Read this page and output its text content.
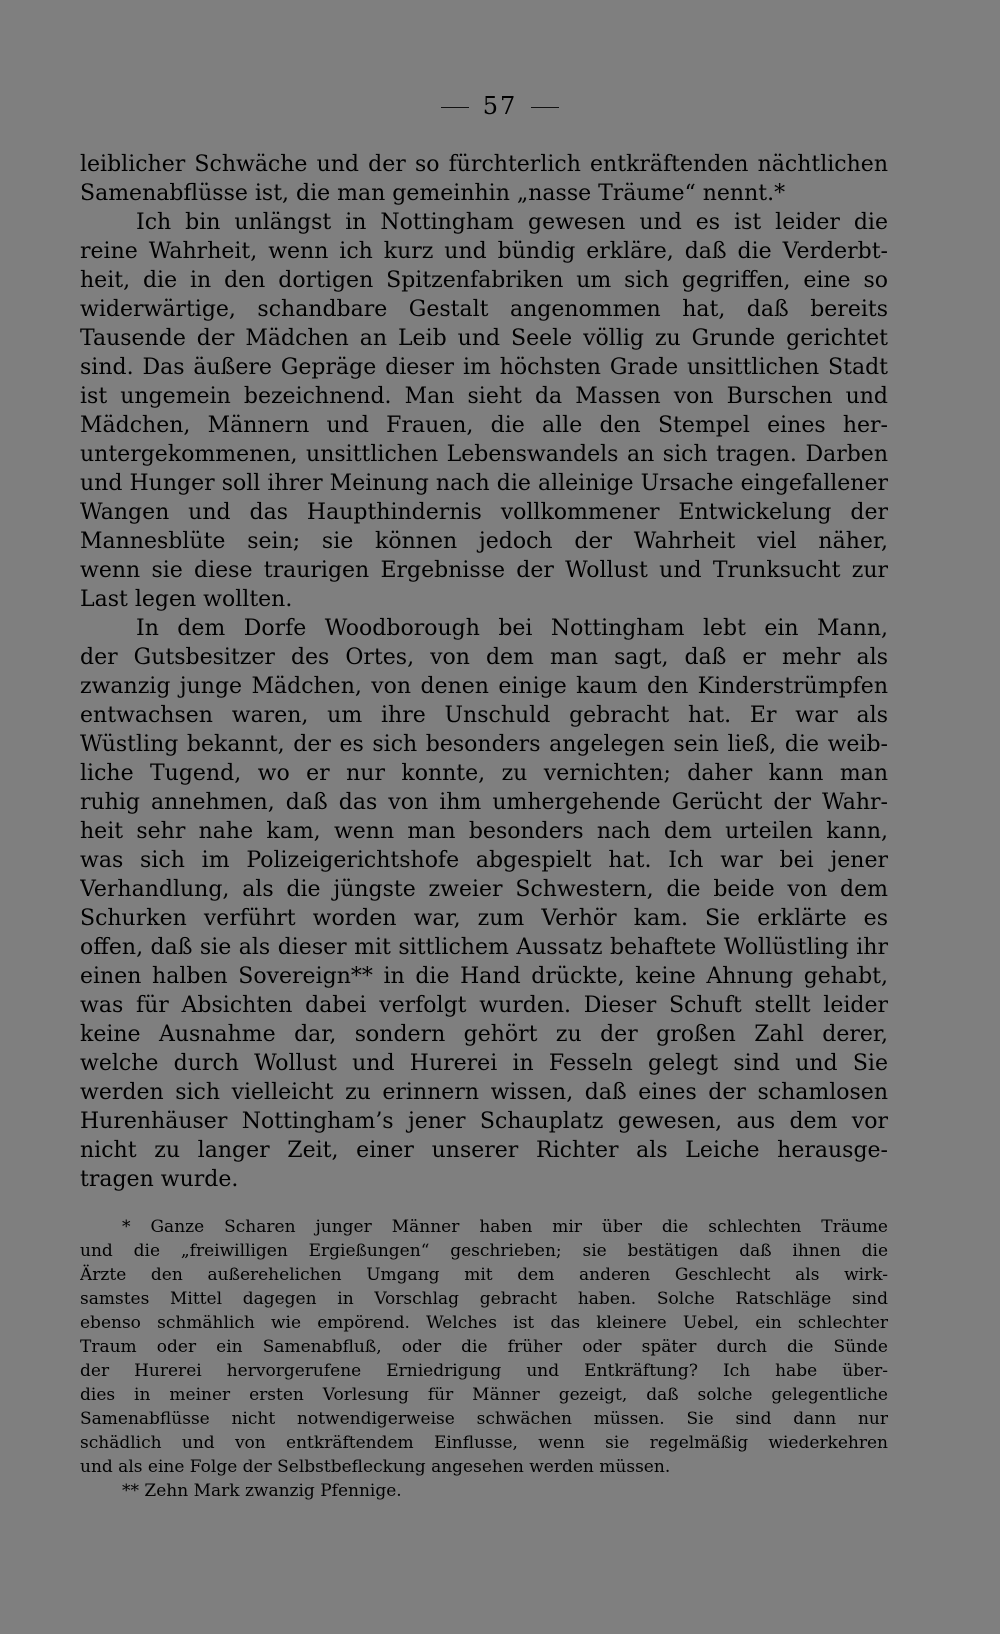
57
leiblicher Schwäche und der so fürchterlich entkräftenden nächtlichen
Samenabflüsse ist, die man gemeinhin „nasse Träume“ nennt.*
Ich bin unlängst in Nottingham gewesen und es ist leider die
reine Wahrheit, wenn ich kurz und bündig erkläre, daß die Verderbt-
heit, die in den dortigen Spitzenfabriken um sich gegriffen, eine so
widerwärtige, schandbare Gestalt angenommen hat, daß bereits
Tausende der Mädchen an Leib und Seele völlig zu Grunde gerichtet
sind. Das äußere Gepräge dieser im höchsten Grade unsittlichen Stadt
ist ungemein bezeichnend. Man sieht da Massen von Burschen und
Mädchen, Männern und Frauen, die alle den Stempel eines her-
untergekommenen, unsittlichen Lebenswandels an sich tragen. Darben
und Hunger soll ihrer Meinung nach die alleinige Ursache eingefallener
Wangen und das Haupthindernis vollkommener Entwickelung der
Mannesblüte sein; sie können jedoch der Wahrheit viel näher,
wenn sie diese traurigen Ergebnisse der Wollust und Trunksucht zur
Last legen wollten.
In dem Dorfe Woodborough bei Nottingham lebt ein Mann,
der Gutsbesitzer des Ortes, von dem man sagt, daß er mehr als
zwanzig junge Mädchen, von denen einige kaum den Kinderstrümpfen
entwachsen waren, um ihre Unschuld gebracht hat. Er war als
Wüstling bekannt, der es sich besonders angelegen sein ließ, die weib-
liche Tugend, wo er nur konnte, zu vernichten; daher kann man
ruhig annehmen, daß das von ihm umhergehende Gerücht der Wahr-
heit sehr nahe kam, wenn man besonders nach dem urteilen kann,
was sich im Polizeigerichtshofe abgespielt hat. Ich war bei jener
Verhandlung, als die jüngste zweier Schwestern, die beide von dem
Schurken verführt worden war, zum Verhör kam. Sie erklärte es
offen, daß sie als dieser mit sittlichem Aussatz behaftete Wollüstling ihr
einen halben Sovereign** in die Hand drückte, keine Ahnung gehabt,
was für Absichten dabei verfolgt wurden. Dieser Schuft stellt leider
keine Ausnahme dar, sondern gehört zu der großen Zahl derer,
welche durch Wollust und Hurerei in Fesseln gelegt sind und Sie
werden sich vielleicht zu erinnern wissen, daß eines der schamlosen
Hurenhäuser Nottingham’s jener Schauplatz gewesen, aus dem vor
nicht zu langer Zeit, einer unserer Richter als Leiche herausge-
tragen wurde.
* Ganze Scharen junger Männer haben mir über die schlechten Träume
und die „freiwilligen Ergießungen“ geschrieben; sie bestätigen daß ihnen die
Ärzte den außerehelichen Umgang mit dem anderen Geschlecht als wirk-
samstes Mittel dagegen in Vorschlag gebracht haben. Solche Ratschläge sind
ebenso schmählich wie empörend. Welches ist das kleinere Uebel, ein schlechter
Traum oder ein Samenabfluß, oder die früher oder später durch die Sünde
der Hurerei hervorgerufene Erniedrigung und Entkräftung? Ich habe über-
dies in meiner ersten Vorlesung für Männer gezeigt, daß solche gelegentliche
Samenabflüsse nicht notwendigerweise schwächen müssen. Sie sind dann nur
schädlich und von entkräftendem Einflusse, wenn sie regelmäßig wiederkehren
und als eine Folge der Selbstbefleckung angesehen werden müssen.
** Zehn Mark zwanzig Pfennige.
